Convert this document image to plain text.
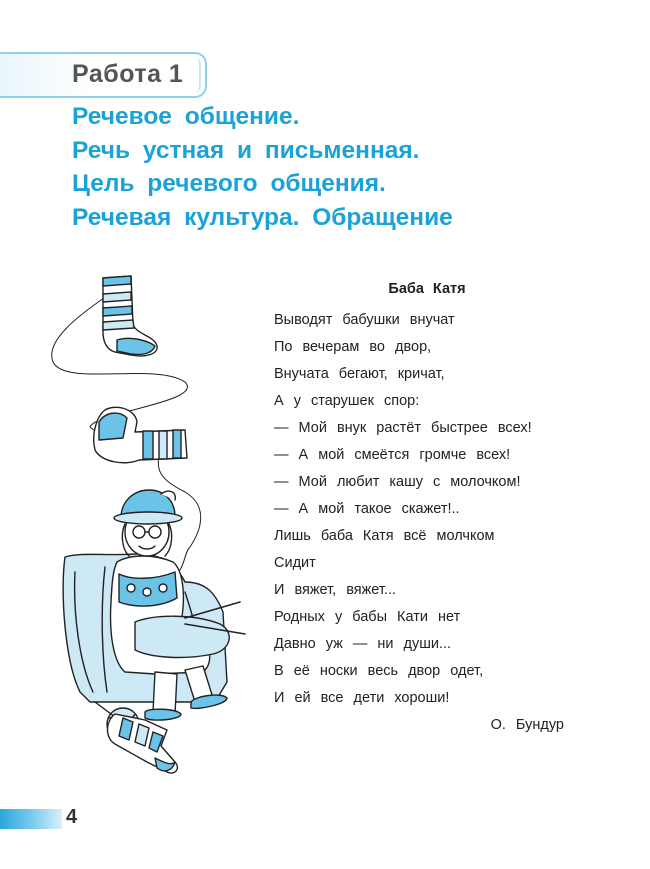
Работа 1
Речевое общение.
Речь устная и письменная.
Цель речевого общения.
Речевая культура. Обращение
Баба Катя
Выводят бабушки внучат
По вечерам во двор,
Внучата бегают, кричат,
А у старушек спор:
— Мой внук растёт быстрее всех!
— А мой смеётся громче всех!
— Мой любит кашу с молочком!
— А мой такое скажет!..
Лишь баба Катя всё молчком
Сидит
И вяжет, вяжет...
Родных у бабы Кати нет
Давно уж — ни души...
В её носки весь двор одет,
И ей все дети хороши!
О. Бундур
4
